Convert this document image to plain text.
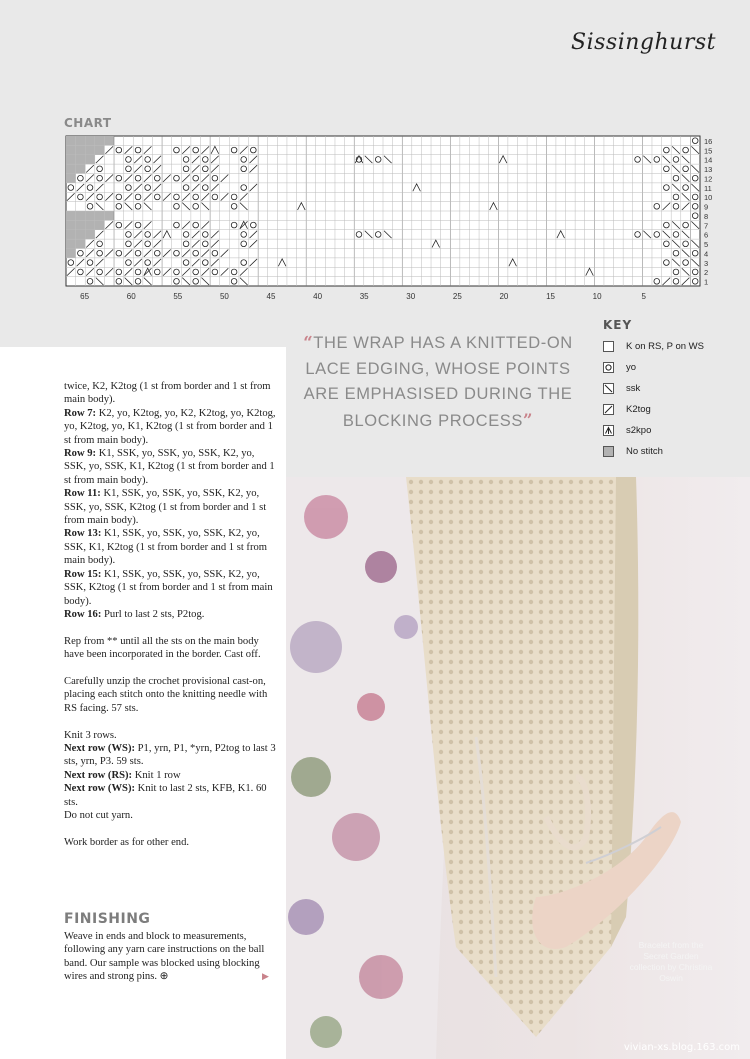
Sissinghurst
CHART
16
15
14
13
12
11
10
9
8
7
6
5
4
3
2
1
65	60	55	50	45	40	35	30	25	20	15	10	5
KEY
K on RS, P on WS
yo
ssk
K2tog
s2kpo
No stitch
“THE WRAP HAS A KNITTED-ON LACE EDGING, WHOSE POINTS ARE EMPHASISED DURING THE BLOCKING PROCESS”

twice, K2, K2tog (1 st from border and 1 st from main body).
Row 7: K2, yo, K2tog, yo, K2, K2tog, yo, K2tog, yo, K2tog, yo, K1, K2tog (1 st from border and 1 st from main body).
Row 9: K1, SSK, yo, SSK, yo, SSK, K2, yo, SSK, yo, SSK, K1, K2tog (1 st from border and 1 st from main body).
Row 11: K1, SSK, yo, SSK, yo, SSK, K2, yo, SSK, yo, SSK, K2tog (1 st from border and 1 st from main body).
Row 13: K1, SSK, yo, SSK, yo, SSK, K2, yo, SSK, K1, K2tog (1 st from border and 1 st from main body).
Row 15: K1, SSK, yo, SSK, yo, SSK, K2, yo, SSK, K2tog (1 st from border and 1 st from main body).
Row 16: Purl to last 2 sts, P2tog.

Rep from ** until all the sts on the main body have been incorporated in the border. Cast off.

Carefully unzip the crochet provisional cast-on, placing each stitch onto the knitting needle with RS facing. 57 sts.

Knit 3 rows.
Next row (WS): P1, yrn, P1, *yrn, P2tog to last 3 sts, yrn, P3. 59 sts.
Next row (RS): Knit 1 row
Next row (WS): Knit to last 2 sts, KFB, K1. 60 sts.
Do not cut yarn.

Work border as for other end.

FINISHING
Weave in ends and block to measurements, following any yarn care instructions on the ball band. Our sample was blocked using blocking wires and strong pins. ⊕	▶
Bracelet from the Secret Garden collection by Christina Oswin
vivian-xs.blog.163.com
